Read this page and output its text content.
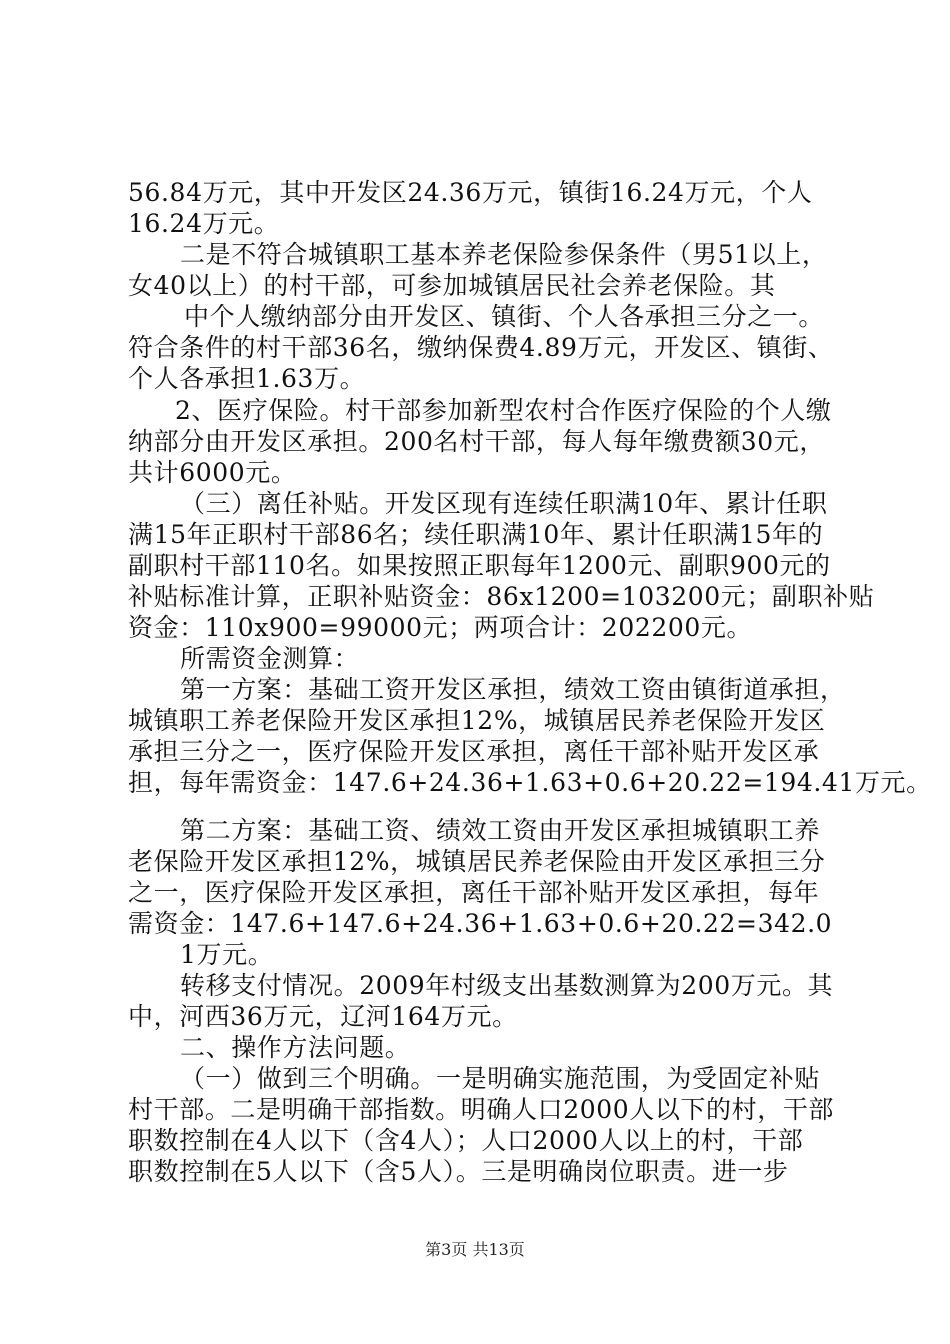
56.84万元，其中开发区24.36万元，镇街16.24万元，个人
16.24万元。
二是不符合城镇职工基本养老保险参保条件（男51以上，
女40以上）的村干部，可参加城镇居民社会养老保险。其
中个人缴纳部分由开发区、镇街、个人各承担三分之一。
符合条件的村干部36名，缴纳保费4.89万元，开发区、镇街、
个人各承担1.63万。
2、医疗保险。村干部参加新型农村合作医疗保险的个人缴
纳部分由开发区承担。200名村干部，每人每年缴费额30元，
共计6000元。
（三）离任补贴。开发区现有连续任职满10年、累计任职
满15年正职村干部86名；续任职满10年、累计任职满15年的
副职村干部110名。如果按照正职每年1200元、副职900元的
补贴标准计算，正职补贴资金：86x1200=103200元；副职补贴
资金：110x900=99000元；两项合计：202200元。
所需资金测算：
第一方案：基础工资开发区承担，绩效工资由镇街道承担，
城镇职工养老保险开发区承担12%，城镇居民养老保险开发区
承担三分之一，医疗保险开发区承担，离任干部补贴开发区承
担，每年需资金：147.6+24.36+1.63+0.6+20.22=194.41万元。
第二方案：基础工资、绩效工资由开发区承担城镇职工养
老保险开发区承担12%，城镇居民养老保险由开发区承担三分
之一，医疗保险开发区承担，离任干部补贴开发区承担，每年
需资金：147.6+147.6+24.36+1.63+0.6+20.22=342.0
1万元。
转移支付情况。2009年村级支出基数测算为200万元。其
中，河西36万元，辽河164万元。
二、操作方法问题。
（一）做到三个明确。一是明确实施范围，为受固定补贴
村干部。二是明确干部指数。明确人口2000人以下的村，干部
职数控制在4人以下（含4人）；人口2000人以上的村，干部
职数控制在5人以下（含5人）。三是明确岗位职责。进一步
第3页 共13页
